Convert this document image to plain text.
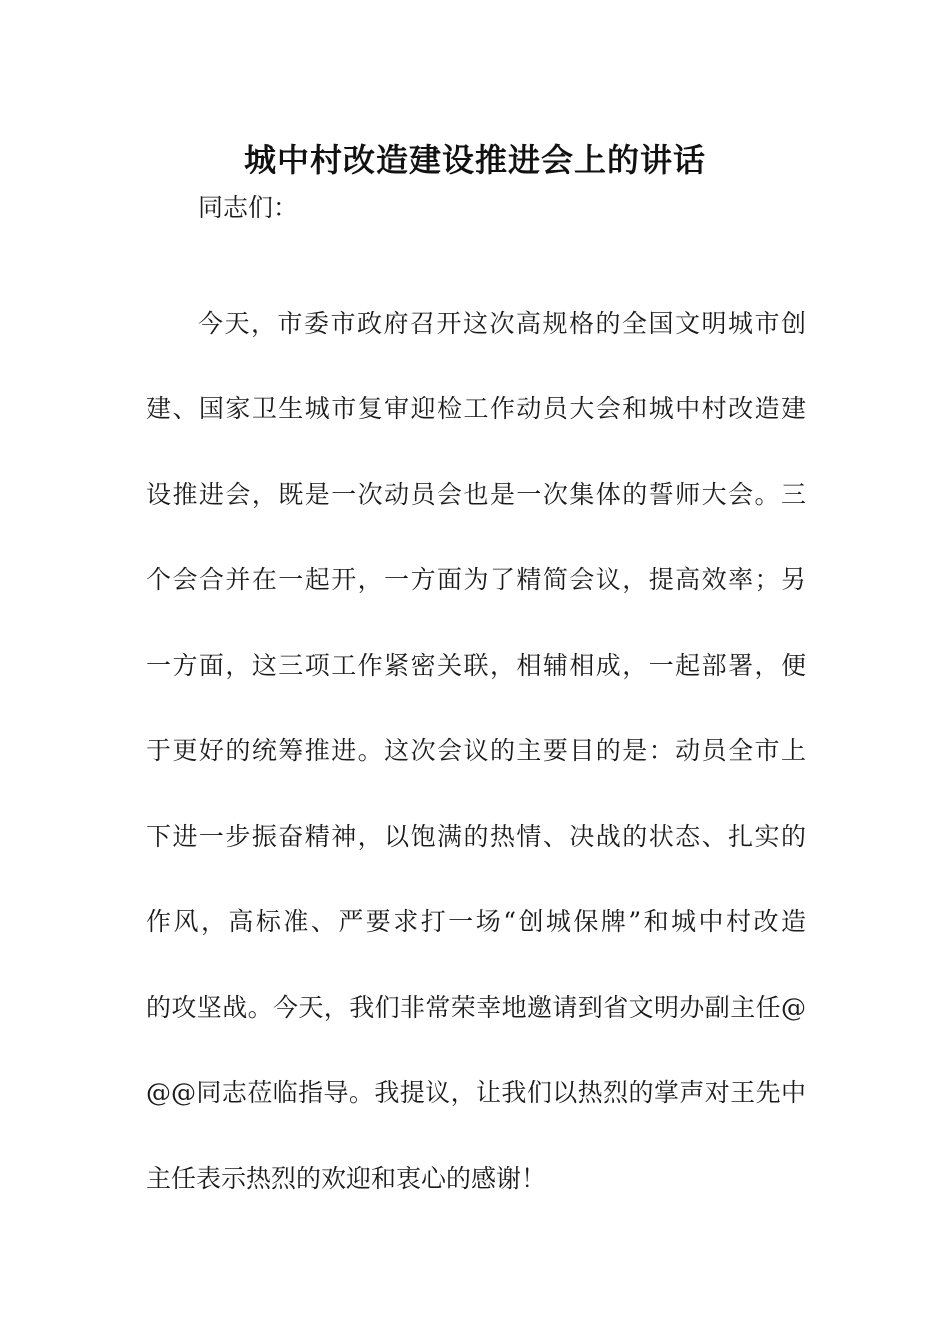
城中村改造建设推进会上的讲话
同志们：
今天，市委市政府召开这次高规格的全国文明城市创
建、国家卫生城市复审迎检工作动员大会和城中村改造建
设推进会，既是一次动员会也是一次集体的誓师大会。三
个会合并在一起开，一方面为了精简会议，提高效率；另
一方面，这三项工作紧密关联，相辅相成，一起部署，便
于更好的统筹推进。这次会议的主要目的是：动员全市上
下进一步振奋精神，以饱满的热情、决战的状态、扎实的
作风，高标准、严要求打一场“创城保牌”和城中村改造
的攻坚战。今天，我们非常荣幸地邀请到省文明办副主任@
@@同志莅临指导。我提议，让我们以热烈的掌声对王先中
主任表示热烈的欢迎和衷心的感谢！
